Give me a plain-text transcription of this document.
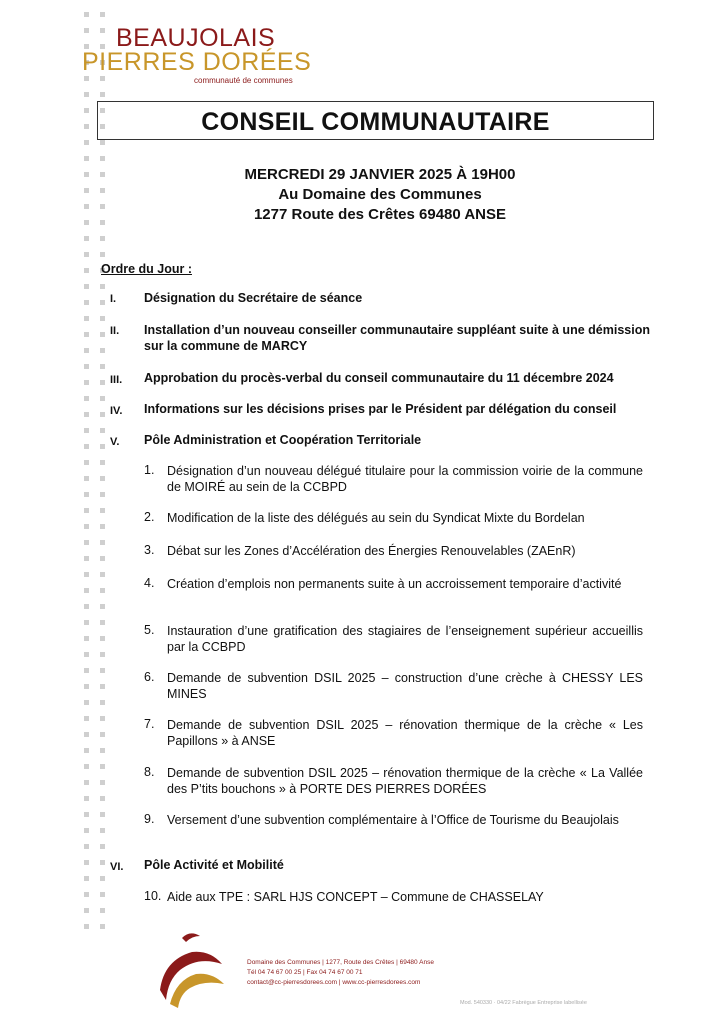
BEAUJOLAIS
PIERRES DORÉES
communauté de communes
CONSEIL COMMUNAUTAIRE
MERCREDI 29 JANVIER 2025 À 19H00
Au Domaine des Communes
1277 Route des Crêtes 69480 ANSE
Ordre du Jour :
I. Désignation du Secrétaire de séance
II. Installation d’un nouveau conseiller communautaire suppléant suite à une démission sur la commune de MARCY
III. Approbation du procès-verbal du conseil communautaire du 11 décembre 2024
IV. Informations sur les décisions prises par le Président par délégation du conseil
V. Pôle Administration et Coopération Territoriale
1. Désignation d’un nouveau délégué titulaire pour la commission voirie de la commune de MOIRÉ au sein de la CCBPD
2. Modification de la liste des délégués au sein du Syndicat Mixte du Bordelan
3. Débat sur les Zones d’Accélération des Énergies Renouvelables (ZAEnR)
4. Création d’emplois non permanents suite à un accroissement temporaire d’activité
5. Instauration d’une gratification des stagiaires de l’enseignement supérieur accueillis par la CCBPD
6. Demande de subvention DSIL 2025 – construction d’une crèche à CHESSY LES MINES
7. Demande de subvention DSIL 2025 – rénovation thermique de la crèche « Les Papillons » à ANSE
8. Demande de subvention DSIL 2025 – rénovation thermique de la crèche « La Vallée des P’tits bouchons » à PORTE DES PIERRES DORÉES
9. Versement d’une subvention complémentaire à l’Office de Tourisme du Beaujolais
VI. Pôle Activité et Mobilité
10. Aide aux TPE : SARL HJS CONCEPT – Commune de CHASSELAY
Domaine des Communes | 1277, Route des Crêtes | 69480 Anse
Tél 04 74 67 00 25 | Fax 04 74 67 00 71
contact@cc-pierresdorees.com | www.cc-pierresdorees.com
Mod. 540330 · 04/22 Fabrègue Entreprise labellisée
